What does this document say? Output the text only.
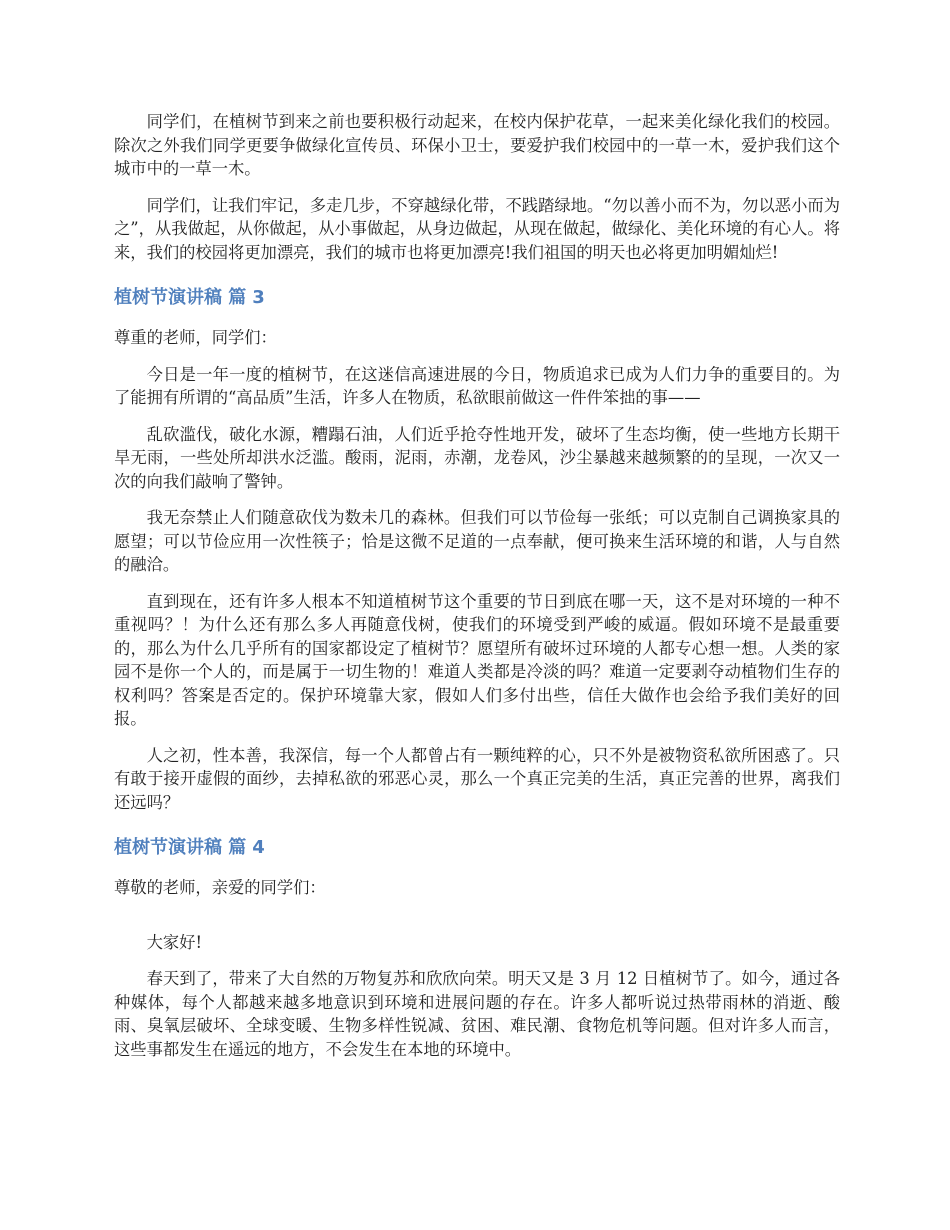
同学们，在植树节到来之前也要积极行动起来，在校内保护花草，一起来美化绿化我们的校园。除次之外我们同学更要争做绿化宣传员、环保小卫士，要爱护我们校园中的一草一木，爱护我们这个城市中的一草一木。

同学们，让我们牢记，多走几步，不穿越绿化带，不践踏绿地。“勿以善小而不为，勿以恶小而为之”，从我做起，从你做起，从小事做起，从身边做起，从现在做起，做绿化、美化环境的有心人。将来，我们的校园将更加漂亮，我们的城市也将更加漂亮!我们祖国的明天也必将更加明媚灿烂!

植树节演讲稿 篇 3

尊重的老师，同学们：

今日是一年一度的植树节，在这迷信高速进展的今日，物质追求已成为人们力争的重要目的。为了能拥有所谓的“高品质”生活，许多人在物质，私欲眼前做这一件件笨拙的事——

乱砍滥伐，破化水源，糟蹋石油，人们近乎抢夺性地开发，破坏了生态均衡，使一些地方长期干旱无雨，一些处所却洪水泛滥。酸雨，泥雨，赤潮，龙卷风，沙尘暴越来越频繁的的呈现，一次又一次的向我们敲响了警钟。

我无奈禁止人们随意砍伐为数未几的森林。但我们可以节俭每一张纸；可以克制自己调换家具的愿望；可以节俭应用一次性筷子；恰是这微不足道的一点奉献，便可换来生活环境的和谐，人与自然的融洽。

直到现在，还有许多人根本不知道植树节这个重要的节日到底在哪一天，这不是对环境的一种不重视吗？！为什么还有那么多人再随意伐树，使我们的环境受到严峻的威逼。假如环境不是最重要的，那么为什么几乎所有的国家都设定了植树节？愿望所有破坏过环境的人都专心想一想。人类的家园不是你一个人的，而是属于一切生物的！难道人类都是冷淡的吗？难道一定要剥夺动植物们生存的权利吗？答案是否定的。保护环境靠大家，假如人们多付出些，信任大做作也会给予我们美好的回报。

人之初，性本善，我深信，每一个人都曾占有一颗纯粹的心，只不外是被物资私欲所困惑了。只有敢于接开虚假的面纱，去掉私欲的邪恶心灵，那么一个真正完美的生活，真正完善的世界，离我们还远吗？

植树节演讲稿 篇 4

尊敬的老师，亲爱的同学们：

大家好!

春天到了，带来了大自然的万物复苏和欣欣向荣。明天又是 3 月 12 日植树节了。如今，通过各种媒体，每个人都越来越多地意识到环境和进展问题的存在。许多人都听说过热带雨林的消逝、酸雨、臭氧层破坏、全球变暖、生物多样性锐减、贫困、难民潮、食物危机等问题。但对许多人而言，这些事都发生在遥远的地方，不会发生在本地的环境中。
